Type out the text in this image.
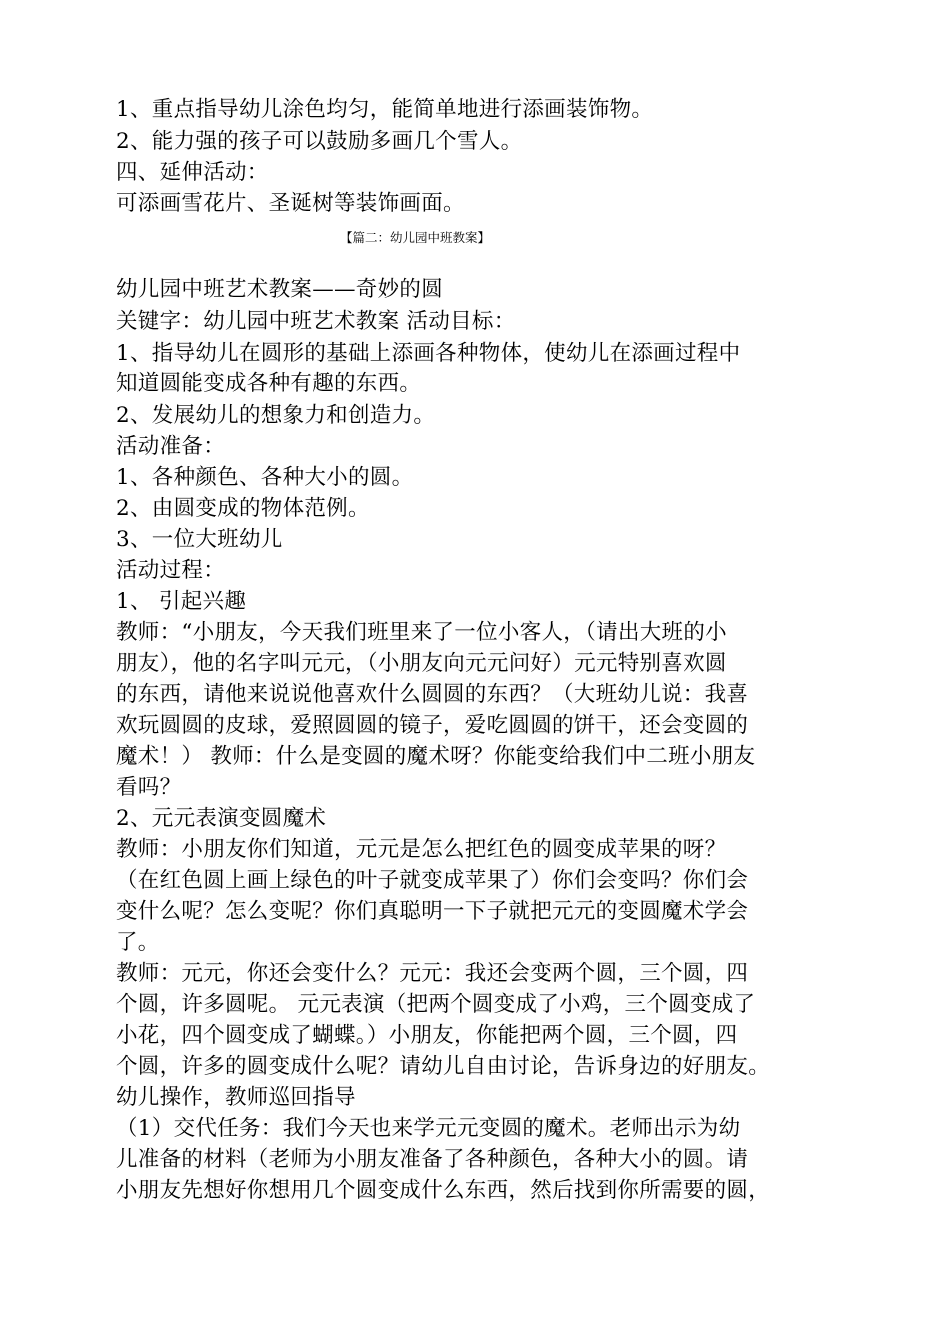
1、重点指导幼儿涂色均匀，能简单地进行添画装饰物。
2、能力强的孩子可以鼓励多画几个雪人。
四、延伸活动：
可添画雪花片、圣诞树等装饰画面。
【篇二：幼儿园中班教案】
幼儿园中班艺术教案——奇妙的圆
关键字：幼儿园中班艺术教案 活动目标：
1、指导幼儿在圆形的基础上添画各种物体，使幼儿在添画过程中
知道圆能变成各种有趣的东西。
2、发展幼儿的想象力和创造力。
活动准备：
1、各种颜色、各种大小的圆。
2、由圆变成的物体范例。
3、一位大班幼儿
活动过程：
1、 引起兴趣
教师：“小朋友，今天我们班里来了一位小客人，（请出大班的小
朋友），他的名字叫元元，（小朋友向元元问好）元元特别喜欢圆
的东西，请他来说说他喜欢什么圆圆的东西？（大班幼儿说：我喜
欢玩圆圆的皮球，爱照圆圆的镜子，爱吃圆圆的饼干，还会变圆的
魔术！） 教师：什么是变圆的魔术呀？你能变给我们中二班小朋友
看吗？
2、元元表演变圆魔术
教师：小朋友你们知道，元元是怎么把红色的圆变成苹果的呀？
（在红色圆上画上绿色的叶子就变成苹果了）你们会变吗？你们会
变什么呢？怎么变呢？你们真聪明一下子就把元元的变圆魔术学会
了。
教师：元元，你还会变什么？元元：我还会变两个圆，三个圆，四
个圆，许多圆呢。 元元表演（把两个圆变成了小鸡，三个圆变成了
小花，四个圆变成了蝴蝶。）小朋友，你能把两个圆，三个圆，四
个圆，许多的圆变成什么呢？请幼儿自由讨论，告诉身边的好朋友。
幼儿操作，教师巡回指导
（1）交代任务：我们今天也来学元元变圆的魔术。老师出示为幼
儿准备的材料（老师为小朋友准备了各种颜色，各种大小的圆。请
小朋友先想好你想用几个圆变成什么东西，然后找到你所需要的圆，
